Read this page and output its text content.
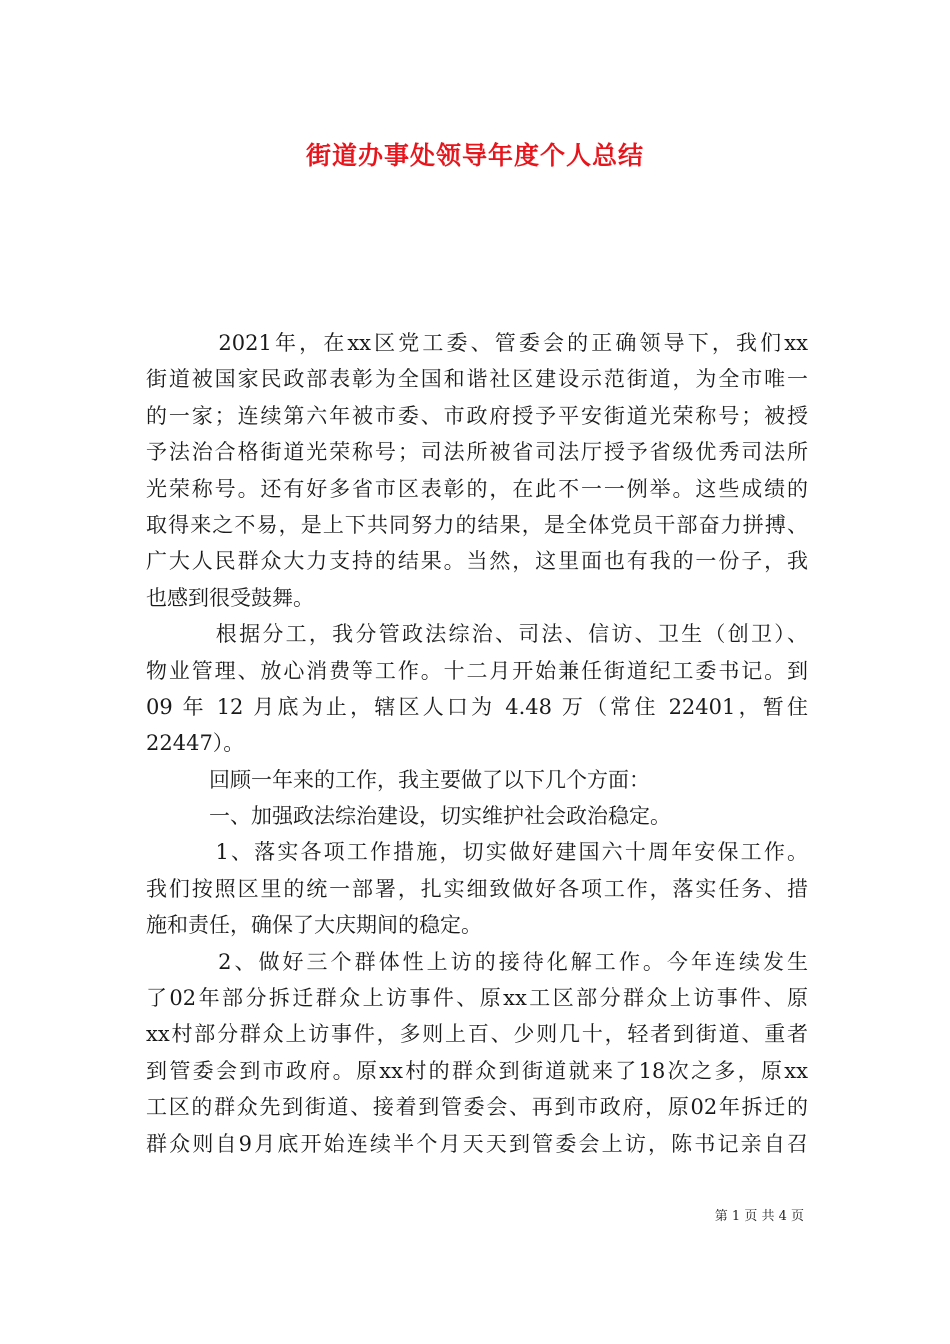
街道办事处领导年度个人总结
　　　2021年，在xx区党工委、管委会的正确领导下，我们xx
街道被国家民政部表彰为全国和谐社区建设示范街道，为全市唯一
的一家；连续第六年被市委、市政府授予平安街道光荣称号；被授
予法治合格街道光荣称号；司法所被省司法厅授予省级优秀司法所
光荣称号。还有好多省市区表彰的，在此不一一例举。这些成绩的
取得来之不易，是上下共同努力的结果，是全体党员干部奋力拼搏、
广大人民群众大力支持的结果。当然，这里面也有我的一份子，我
也感到很受鼓舞。
　　　根据分工，我分管政法综治、司法、信访、卫生（创卫）、
物业管理、放心消费等工作。十二月开始兼任街道纪工委书记。到
09 年 12 月底为止，辖区人口为 4.48 万（常住 22401，暂住
22447）。
　　　回顾一年来的工作，我主要做了以下几个方面：
　　　一、加强政法综治建设，切实维护社会政治稳定。
　　　1、落实各项工作措施，切实做好建国六十周年安保工作。
我们按照区里的统一部署，扎实细致做好各项工作，落实任务、措
施和责任，确保了大庆期间的稳定。
　　　2、做好三个群体性上访的接待化解工作。今年连续发生
了02年部分拆迁群众上访事件、原xx工区部分群众上访事件、原
xx村部分群众上访事件，多则上百、少则几十，轻者到街道、重者
到管委会到市政府。原xx村的群众到街道就来了18次之多，原xx
工区的群众先到街道、接着到管委会、再到市政府，原02年拆迁的
群众则自9月底开始连续半个月天天到管委会上访，陈书记亲自召
第 1 页 共 4 页
